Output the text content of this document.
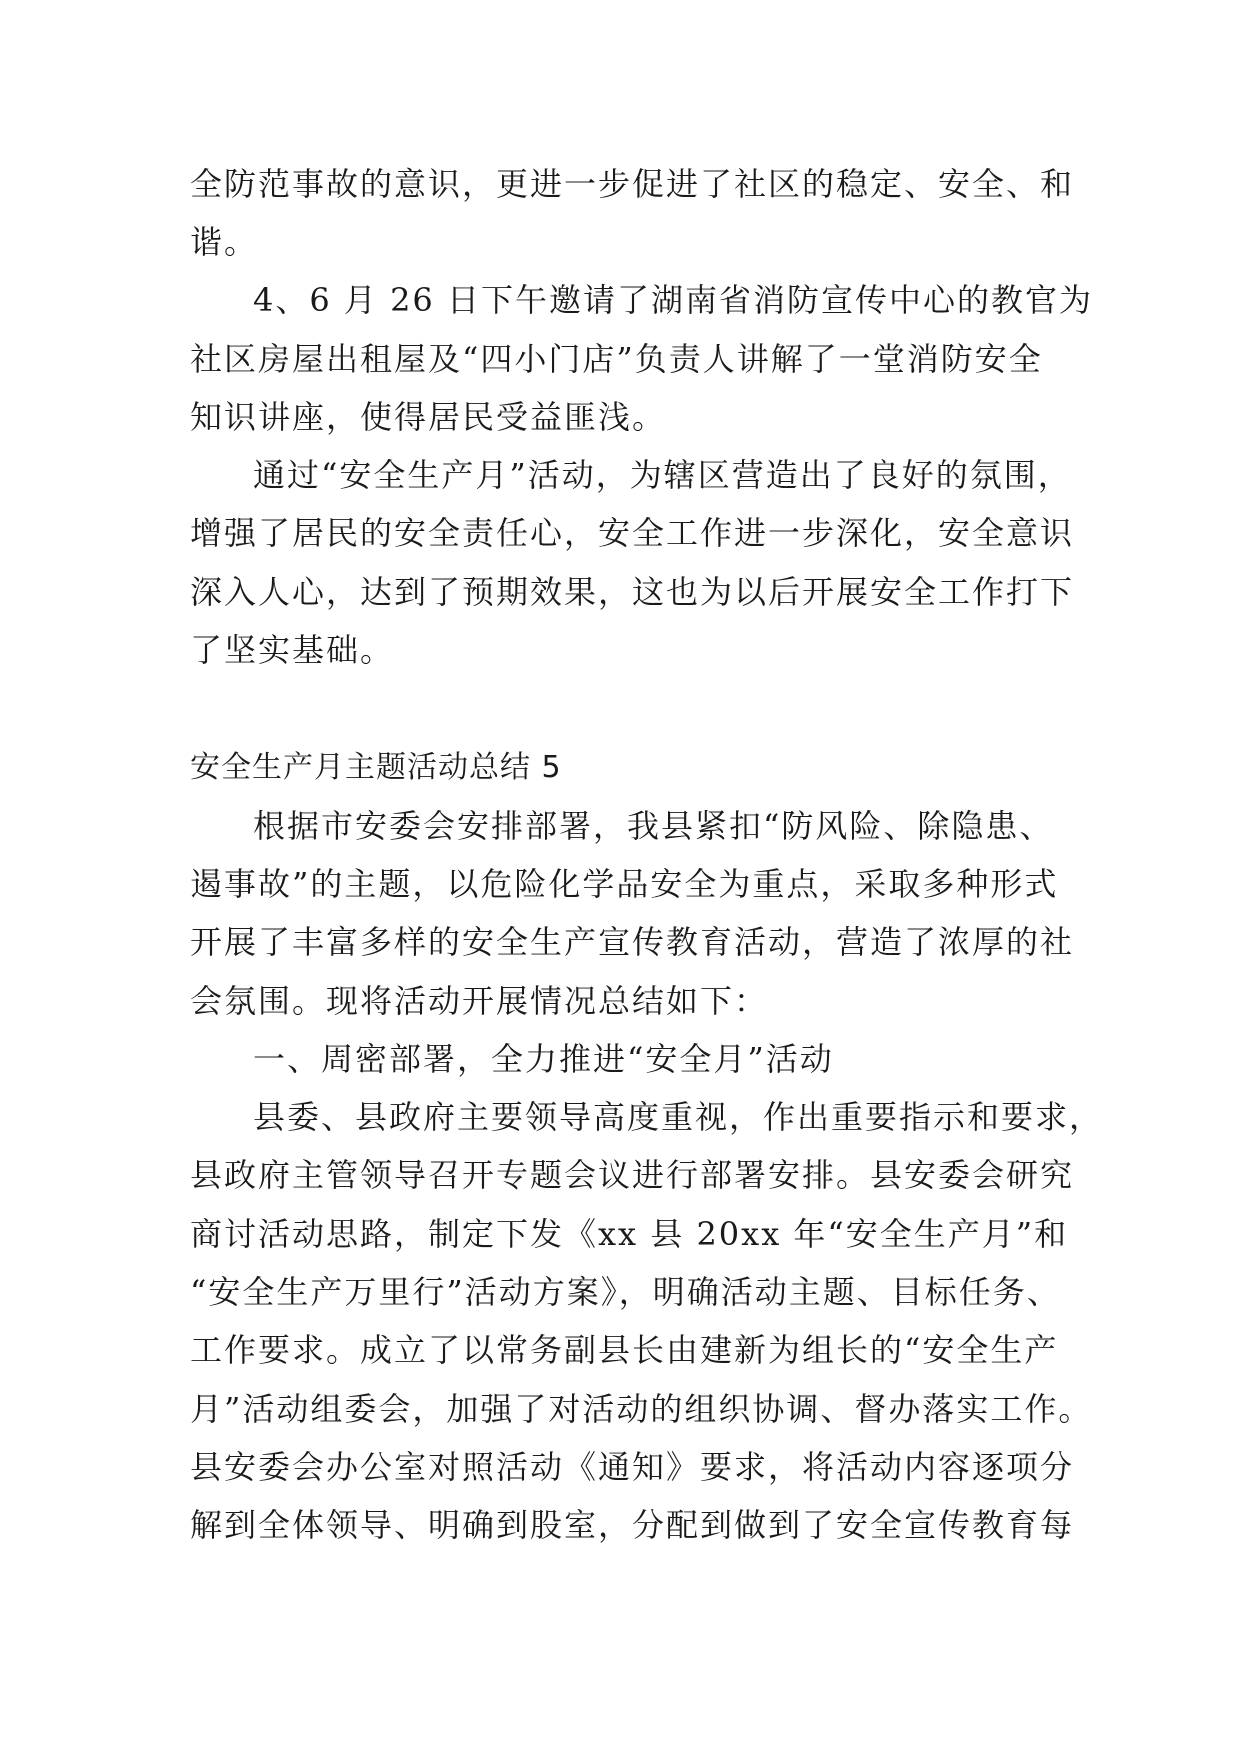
全防范事故的意识，更进一步促进了社区的稳定、安全、和
谐。
4、6 月 26 日下午邀请了湖南省消防宣传中心的教官为
社区房屋出租屋及“四小门店”负责人讲解了一堂消防安全
知识讲座，使得居民受益匪浅。
通过“安全生产月”活动，为辖区营造出了良好的氛围，
增强了居民的安全责任心，安全工作进一步深化，安全意识
深入人心，达到了预期效果，这也为以后开展安全工作打下
了坚实基础。
安全生产月主题活动总结 5
根据市安委会安排部署，我县紧扣“防风险、除隐患、
遏事故”的主题，以危险化学品安全为重点，采取多种形式
开展了丰富多样的安全生产宣传教育活动，营造了浓厚的社
会氛围。现将活动开展情况总结如下：
一、周密部署，全力推进“安全月”活动
县委、县政府主要领导高度重视，作出重要指示和要求，
县政府主管领导召开专题会议进行部署安排。县安委会研究
商讨活动思路，制定下发《xx 县 20xx 年“安全生产月”和
“安全生产万里行”活动方案》，明确活动主题、目标任务、
工作要求。成立了以常务副县长由建新为组长的“安全生产
月”活动组委会，加强了对活动的组织协调、督办落实工作。
县安委会办公室对照活动《通知》要求，将活动内容逐项分
解到全体领导、明确到股室，分配到做到了安全宣传教育每
